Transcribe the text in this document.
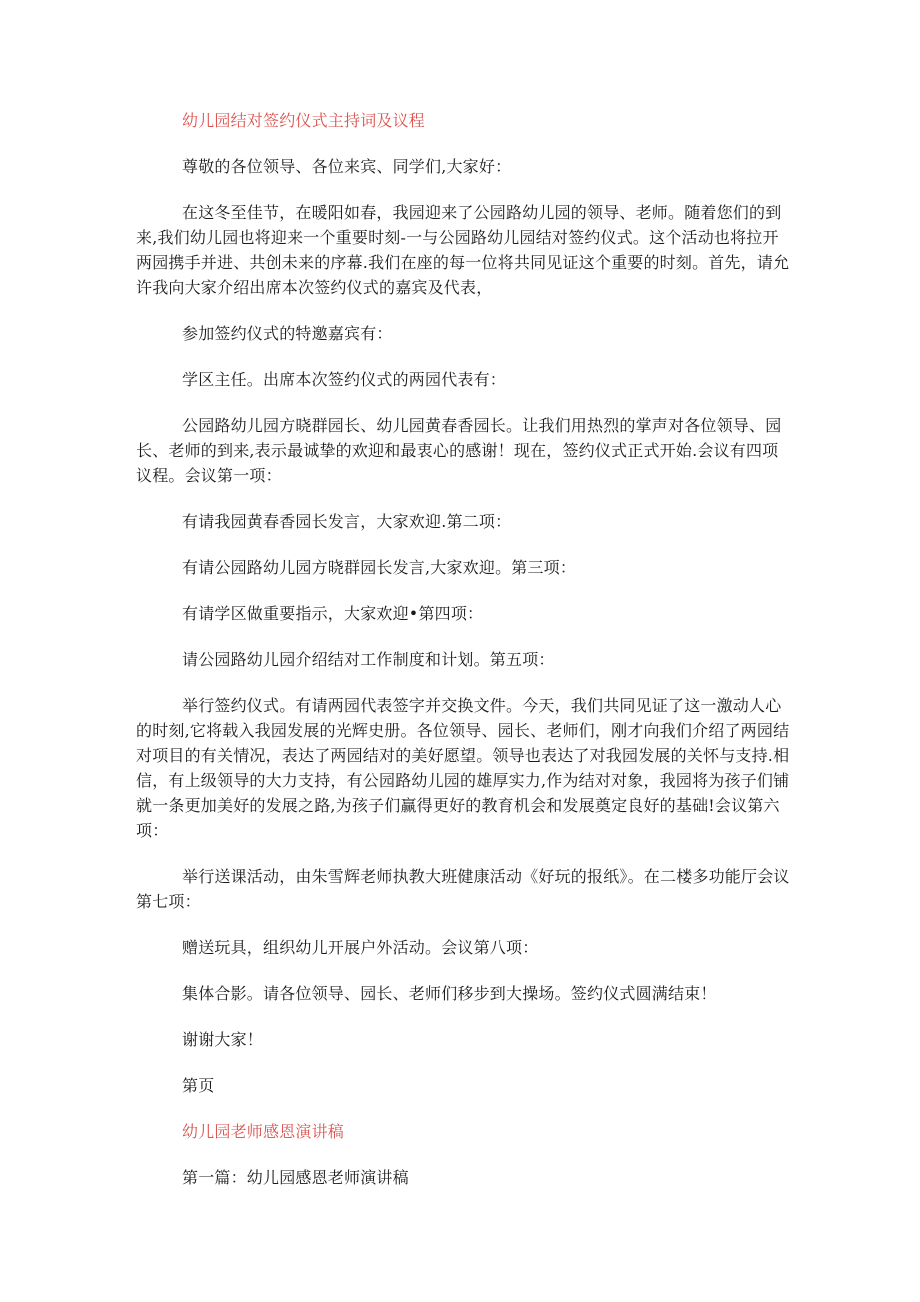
幼儿园结对签约仪式主持词及议程

尊敬的各位领导、各位来宾、同学们,大家好：

在这冬至佳节，在暖阳如春，我园迎来了公园路幼儿园的领导、老师。随着您们的到来,我们幼儿园也将迎来一个重要时刻-一与公园路幼儿园结对签约仪式。这个活动也将拉开两园携手并进、共创未来的序幕.我们在座的每一位将共同见证这个重要的时刻。首先，请允许我向大家介绍出席本次签约仪式的嘉宾及代表，

参加签约仪式的特邀嘉宾有：

学区主任。出席本次签约仪式的两园代表有：

公园路幼儿园方晓群园长、幼儿园黄春香园长。让我们用热烈的掌声对各位领导、园长、老师的到来,表示最诚挚的欢迎和最衷心的感谢！现在，签约仪式正式开始.会议有四项议程。会议第一项：

有请我园黄春香园长发言，大家欢迎.第二项：

有请公园路幼儿园方晓群园长发言,大家欢迎。第三项：

有请学区做重要指示，大家欢迎•第四项：

请公园路幼儿园介绍结对工作制度和计划。第五项：

举行签约仪式。有请两园代表签字并交换文件。今天，我们共同见证了这一激动人心的时刻,它将载入我园发展的光辉史册。各位领导、园长、老师们，刚才向我们介绍了两园结对项目的有关情况，表达了两园结对的美好愿望。领导也表达了对我园发展的关怀与支持.相信，有上级领导的大力支持，有公园路幼儿园的雄厚实力,作为结对对象，我园将为孩子们铺就一条更加美好的发展之路,为孩子们赢得更好的教育机会和发展奠定良好的基础!会议第六项：

举行送课活动，由朱雪辉老师执教大班健康活动《好玩的报纸》。在二楼多功能厅会议第七项：

赠送玩具，组织幼儿开展户外活动。会议第八项：

集体合影。请各位领导、园长、老师们移步到大操场。签约仪式圆满结束！

谢谢大家！

第页

幼儿园老师感恩演讲稿

第一篇：幼儿园感恩老师演讲稿
